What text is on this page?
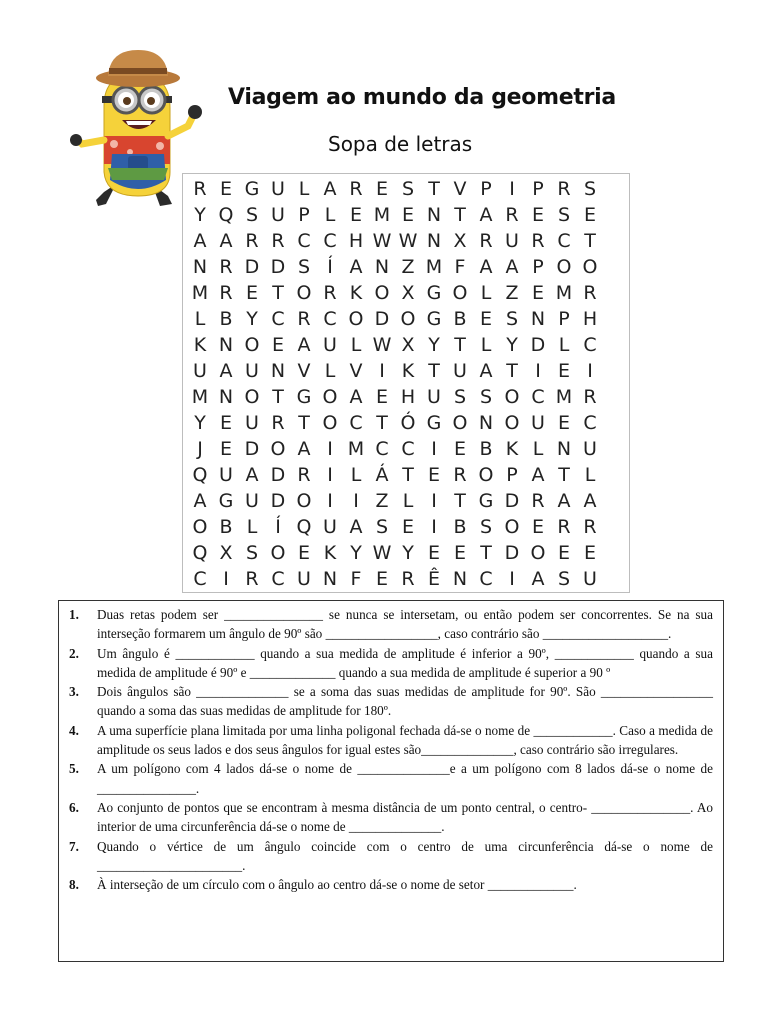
Viagem ao mundo da geometria
Sopa de letras
R E G U L A R E S T V P I P R S
Y Q S U P L E M E N T A R E S E
A A R R C C H W W N X R U R C T
N R D D S Í A N Z M F A A P O O
M R E T O R K O X G O L Z E M R
L B Y C R C O D O G B E S N P H
K N O E A U L W X Y T L Y D L C
U A U N V L V I K T U A T I E I
M N O T G O A E H U S S O C M R
Y E U R T O C T Ó G O N O U E C
J E D O A I M C C I E B K L N U
Q U A D R I L Á T E R O P A T L
A G U D O I	I Z L I T G D R A A
O B L Í Q U A S E I B S O E R R
Q X S O E K Y W Y E E T D O E E
C I R C U N F E R Ê N C I A S U
1.	Duas retas podem ser _______________ se nunca se intersetam, ou então podem ser concorrentes. Se na sua interseção formarem um ângulo de 90º são _________________, caso contrário são ___________________.
2.	Um ângulo é ____________ quando a sua medida de amplitude é inferior a 90º, ____________ quando a sua medida de amplitude é 90º e _____________ quando a sua medida de amplitude é superior a 90 º
3.	Dois ângulos são ______________ se a soma das suas medidas de amplitude for 90º. São _________________ quando a soma das suas medidas de amplitude for 180º.
4.	A uma superfície plana limitada por uma linha poligonal fechada dá-se o nome de ____________. Caso a medida de amplitude os seus lados e dos seus ângulos for igual estes são______________, caso contrário são irregulares.
5.	A um polígono com 4 lados dá-se o nome de ______________e a um polígono com 8 lados dá-se o nome de _______________.
6.	Ao conjunto de pontos que se encontram à mesma distância de um ponto central, o centro- _______________. Ao interior de uma circunferência dá-se o nome de ______________.
7.	Quando o vértice de um ângulo coincide com o centro de uma circunferência dá-se o nome de ______________________.
8.	À interseção de um círculo com o ângulo ao centro dá-se o nome de setor _____________.
